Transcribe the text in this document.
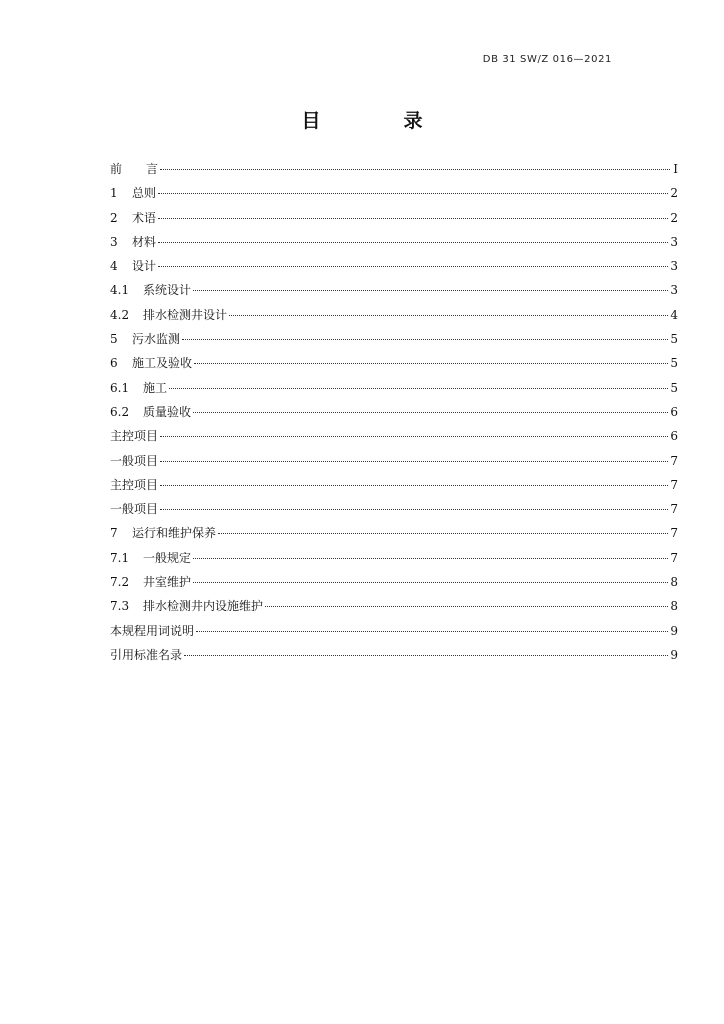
DB 31 SW/Z 016—2021
目　录
前　　言	I
1	总则	2
2	术语	2
3	材料	3
4	设计	3
4.1	系统设计	3
4.2	排水检测井设计	4
5	污水监测	5
6	施工及验收	5
6.1	施工	5
6.2	质量验收	6
主控项目	6
一般项目	7
主控项目	7
一般项目	7
7	运行和维护保养	7
7.1	一般规定	7
7.2	井室维护	8
7.3	排水检测井内设施维护	8
本规程用词说明	9
引用标准名录	9
